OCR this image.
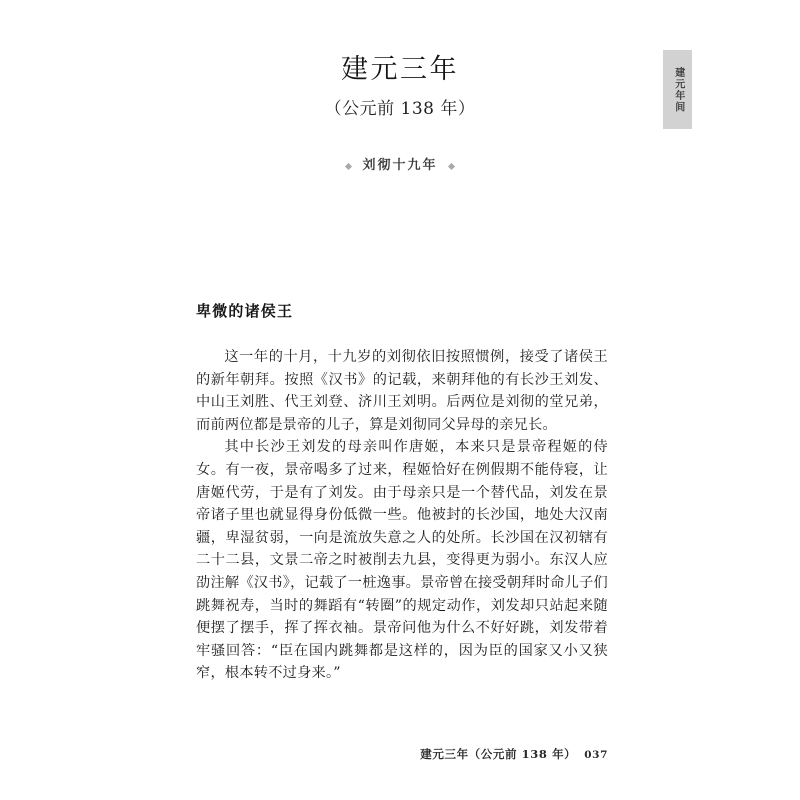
建元年间
建元三年
（公元前 138 年）
刘彻十九年
卑微的诸侯王

这一年的十月，十九岁的刘彻依旧按照惯例，接受了诸侯王的新年朝拜。按照《汉书》的记载，来朝拜他的有长沙王刘发、中山王刘胜、代王刘登、济川王刘明。后两位是刘彻的堂兄弟，而前两位都是景帝的儿子，算是刘彻同父异母的亲兄长。

其中长沙王刘发的母亲叫作唐姬，本来只是景帝程姬的侍女。有一夜，景帝喝多了过来，程姬恰好在例假期不能侍寝，让唐姬代劳，于是有了刘发。由于母亲只是一个替代品，刘发在景帝诸子里也就显得身份低微一些。他被封的长沙国，地处大汉南疆，卑湿贫弱，一向是流放失意之人的处所。长沙国在汉初辖有二十二县，文景二帝之时被削去九县，变得更为弱小。东汉人应劭注解《汉书》，记载了一桩逸事。景帝曾在接受朝拜时命儿子们跳舞祝寿，当时的舞蹈有“转圈”的规定动作，刘发却只站起来随便摆了摆手，挥了挥衣袖。景帝问他为什么不好好跳，刘发带着牢骚回答：“臣在国内跳舞都是这样的，因为臣的国家又小又狭窄，根本转不过身来。”

建元三年（公元前 138 年） 037
